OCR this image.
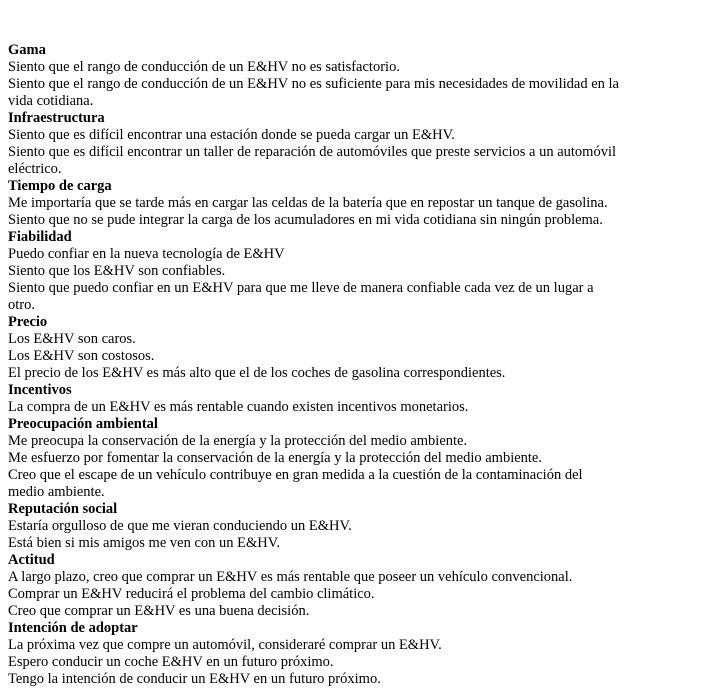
Gama
Siento que el rango de conducción de un E&HV no es satisfactorio.
Siento que el rango de conducción de un E&HV no es suficiente para mis necesidades de movilidad en la
vida cotidiana.
Infraestructura
Siento que es difícil encontrar una estación donde se pueda cargar un E&HV.
Siento que es difícil encontrar un taller de reparación de automóviles que preste servicios a un automóvil
eléctrico.
Tiempo de carga
Me importaría que se tarde más en cargar las celdas de la batería que en repostar un tanque de gasolina.
Siento que no se pude integrar la carga de los acumuladores en mi vida cotidiana sin ningún problema.
Fiabilidad
Puedo confiar en la nueva tecnología de E&HV
Siento que los E&HV son confiables.
Siento que puedo confiar en un E&HV para que me lleve de manera confiable cada vez de un lugar a
otro.
Precio
Los E&HV son caros.
Los E&HV son costosos.
El precio de los E&HV es más alto que el de los coches de gasolina correspondientes.
Incentivos
La compra de un E&HV es más rentable cuando existen incentivos monetarios.
Preocupación ambiental
Me preocupa la conservación de la energía y la protección del medio ambiente.
Me esfuerzo por fomentar la conservación de la energía y la protección del medio ambiente.
Creo que el escape de un vehículo contribuye en gran medida a la cuestión de la contaminación del
medio ambiente.
Reputación social
Estaría orgulloso de que me vieran conduciendo un E&HV.
Está bien si mis amigos me ven con un E&HV.
Actitud
A largo plazo, creo que comprar un E&HV es más rentable que poseer un vehículo convencional.
Comprar un E&HV reducirá el problema del cambio climático.
Creo que comprar un E&HV es una buena decisión.
Intención de adoptar
La próxima vez que compre un automóvil, consideraré comprar un E&HV.
Espero conducir un coche E&HV en un futuro próximo.
Tengo la intención de conducir un E&HV en un futuro próximo.
